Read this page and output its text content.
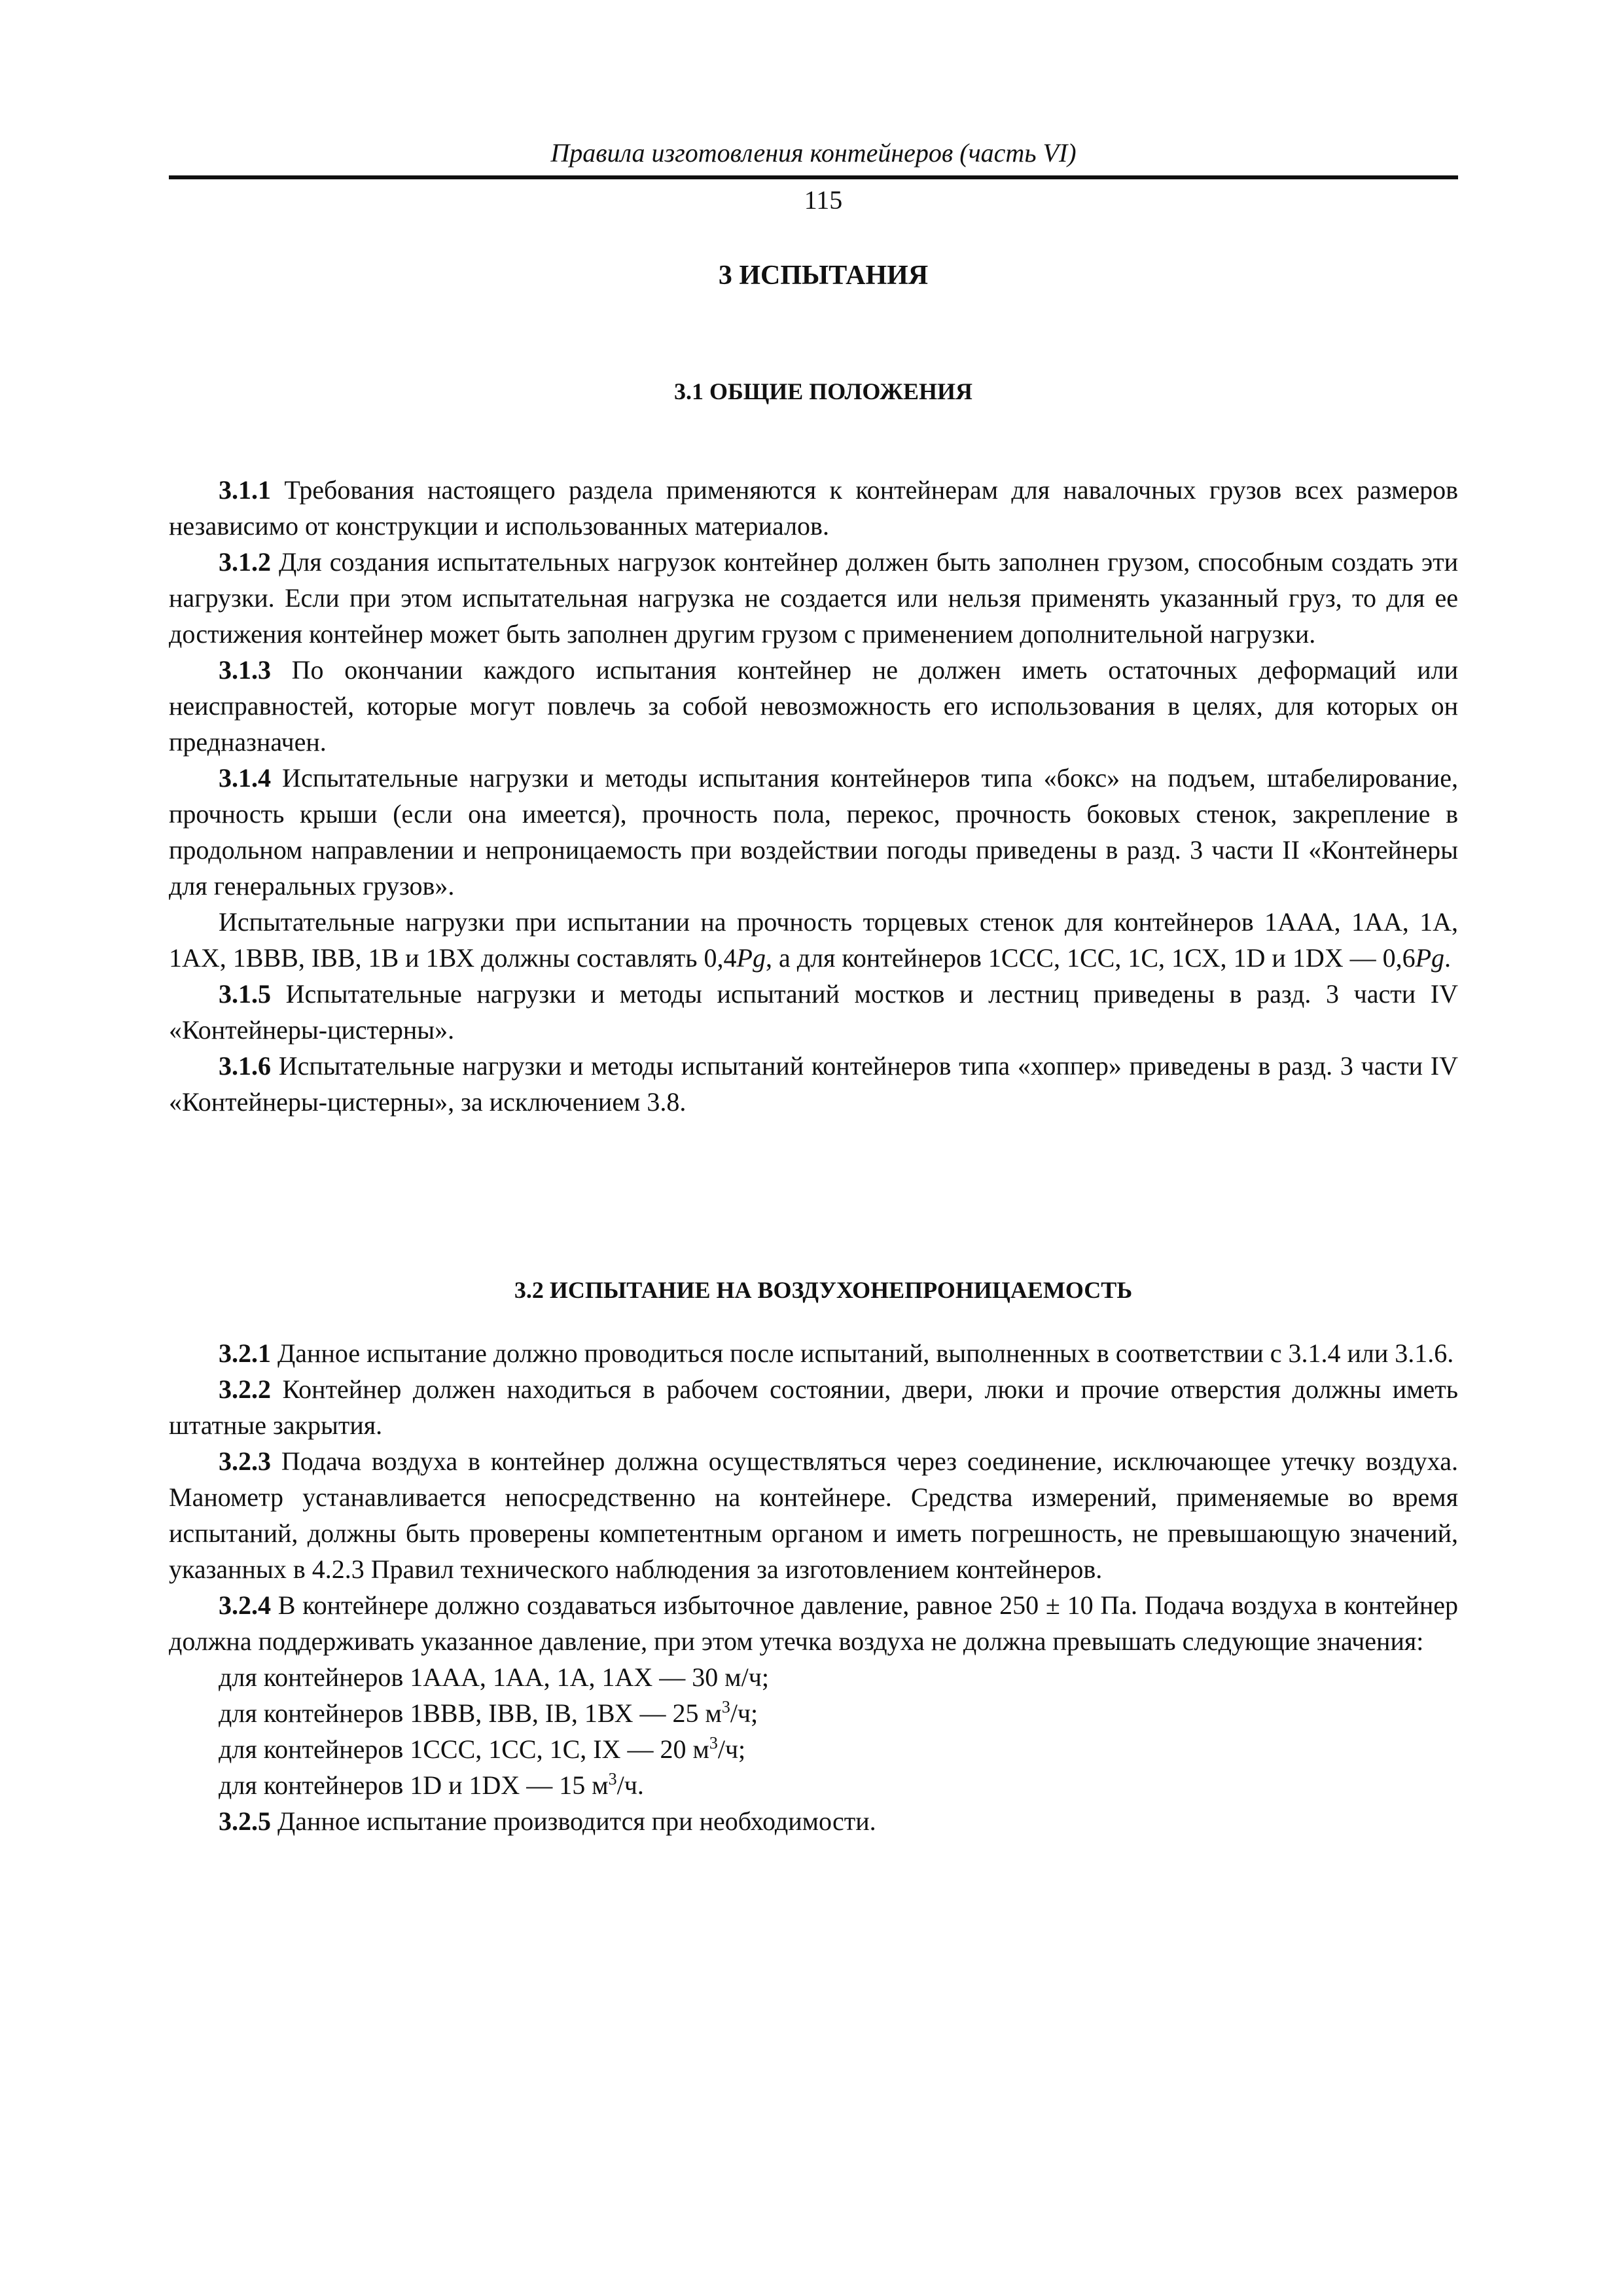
Правила изготовления контейнеров (часть VI)
115
3 ИСПЫТАНИЯ
3.1 ОБЩИЕ ПОЛОЖЕНИЯ

3.1.1 Требования настоящего раздела применяются к контейнерам для навалочных грузов всех размеров независимо от конструкции и использованных материалов.

3.1.2 Для создания испытательных нагрузок контейнер должен быть заполнен грузом, способным создать эти нагрузки. Если при этом испытательная нагрузка не создается или нельзя применять указанный груз, то для ее достижения контейнер может быть заполнен другим грузом с применением дополнительной нагрузки.

3.1.3 По окончании каждого испытания контейнер не должен иметь остаточных деформаций или неисправностей, которые могут повлечь за собой невозможность его использования в целях, для которых он предназначен.

3.1.4 Испытательные нагрузки и методы испытания контейнеров типа «бокс» на подъем, штабелирование, прочность крыши (если она имеется), прочность пола, перекос, прочность боковых стенок, закрепление в продольном направлении и непроницаемость при воздействии погоды приведены в разд. 3 части II «Контейнеры для генеральных грузов».

Испытательные нагрузки при испытании на прочность торцевых стенок для контейнеров 1ААА, 1АА, 1А, 1АХ, 1ВВВ, IВВ, 1В и 1ВХ должны составлять 0,4Pg, а для контейнеров 1ССС, 1СС, 1С, 1СХ, 1D и 1DX — 0,6Pg.

3.1.5 Испытательные нагрузки и методы испытаний мостков и лестниц приведены в разд. 3 части IV «Контейнеры-цистерны».

3.1.6 Испытательные нагрузки и методы испытаний контейнеров типа «хоппер» приведены в разд. 3 части IV «Контейнеры-цистерны», за исключением 3.8.

3.2 ИСПЫТАНИЕ НА ВОЗДУХОНЕПРОНИЦАЕМОСТЬ

3.2.1 Данное испытание должно проводиться после испытаний, выполненных в соответствии с 3.1.4 или 3.1.6.

3.2.2 Контейнер должен находиться в рабочем состоянии, двери, люки и прочие отверстия должны иметь штатные закрытия.

3.2.3 Подача воздуха в контейнер должна осуществляться через соединение, исключающее утечку воздуха. Манометр устанавливается непосредственно на контейнере. Средства измерений, применяемые во время испытаний, должны быть проверены компетентным органом и иметь погрешность, не превышающую значений, указанных в 4.2.3 Правил технического наблюдения за изготовлением контейнеров.

3.2.4 В контейнере должно создаваться избыточное давление, равное 250 ± 10 Па. Подача воздуха в контейнер должна поддерживать указанное давление, при этом утечка воздуха не должна превышать следующие значения:

для контейнеров 1ААА, 1АА, 1А, 1АХ — 30 м/ч;

для контейнеров 1ВВВ, IВВ, IВ, 1ВХ — 25 $м^3/ч$;

для контейнеров 1ССС, 1СС, 1С, IХ — 20 $м^3/ч$;

для контейнеров 1D и 1DX — 15 $м^3/ч$.

3.2.5 Данное испытание производится при необходимости.
